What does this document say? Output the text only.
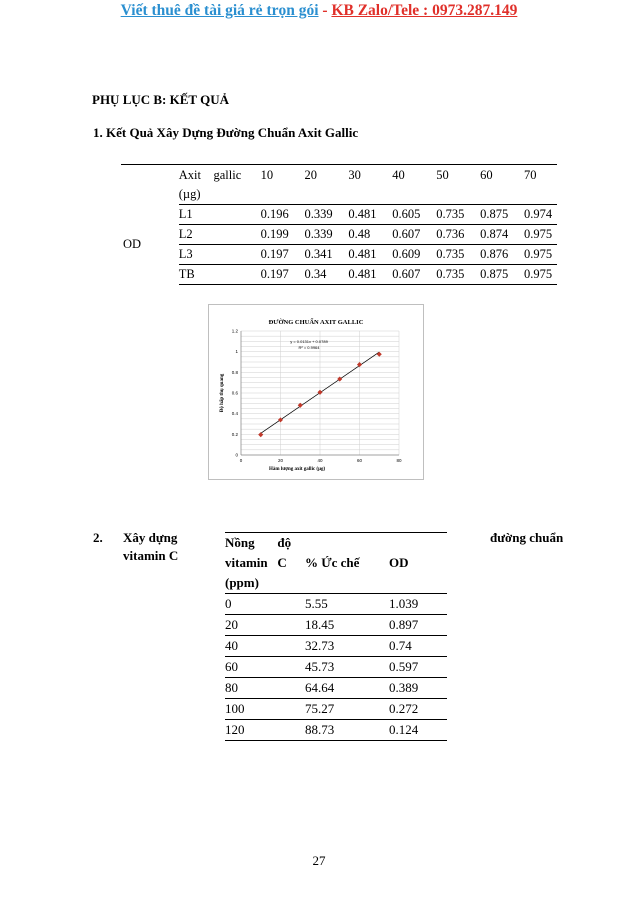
Viết thuê đề tài giá rẻ trọn gói - KB Zalo/Tele : 0973.287.149
PHỤ LỤC B: KẾT QUẢ
1. Kết Quả Xây Dựng Đường Chuẩn Axit Gallic
	Axit    gallic	10	20	30	40	50	60	70
	(µg)							
OD	L1	0.196	0.339	0.481	0.605	0.735	0.875	0.974
	L2	0.199	0.339	0.48	0.607	0.736	0.874	0.975
	L3	0.197	0.341	0.481	0.609	0.735	0.876	0.975
	TB	0.197	0.34	0.481	0.607	0.735	0.875	0.975
ĐƯỜNG CHUẨN AXIT GALLIC
0
0.2
0.4
0.6
0.8
1
1.2
0	20	40	60	80
Hàm lượng axit gallic (µg)
Độ hấp thụ quang
y = 0.0131x + 0.0789
R² = 0.9964
2. Xây dựng
vitamin C
đường chuẩn
Nồng       độ		
vitamin   C	% Ức chế	OD
(ppm)		
0	5.55	1.039
20	18.45	0.897
40	32.73	0.74
60	45.73	0.597
80	64.64	0.389
100	75.27	0.272
120	88.73	0.124
27
